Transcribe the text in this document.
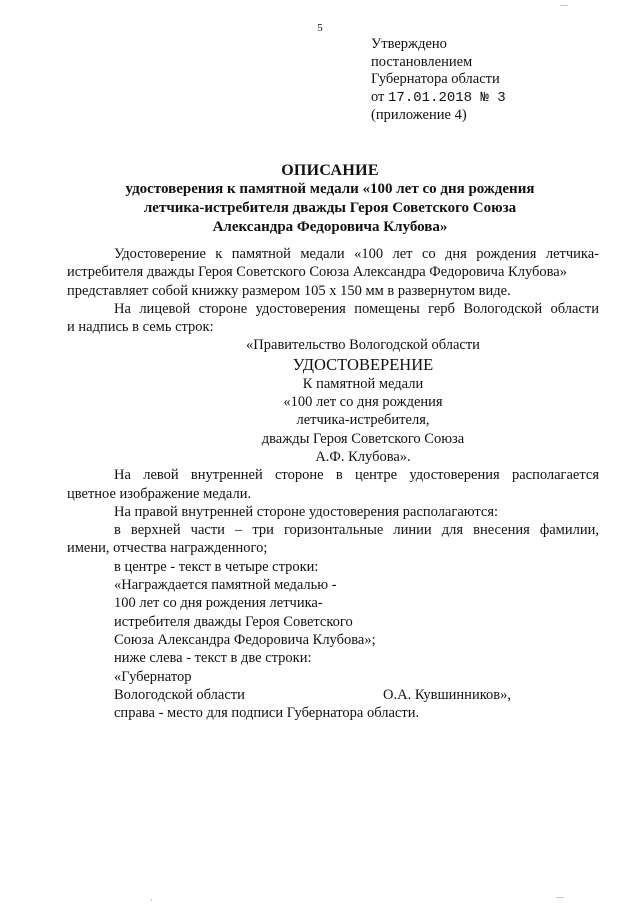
5
Утверждено
постановлением
Губернатора области
от 17.01.2018 № 3
(приложение 4)
ОПИСАНИЕ
удостоверения к памятной медали «100 лет со дня рождения
летчика-истребителя дважды Героя Советского Союза
Александра Федоровича Клубова»
Удостоверение к памятной медали «100 лет со дня рождения летчика-
истребителя дважды Героя Советского Союза Александра Федоровича Клубова»
представляет собой книжку размером 105 х 150 мм в развернутом виде.
На лицевой стороне удостоверения помещены герб Вологодской области
и надпись в семь строк:
«Правительство Вологодской области
УДОСТОВЕРЕНИЕ
К памятной медали
«100 лет со дня рождения
летчика-истребителя,
дважды Героя Советского Союза
А.Ф. Клубова».
На левой внутренней стороне в центре удостоверения располагается
цветное изображение медали.
На правой внутренней стороне удостоверения располагаются:
в верхней части – три горизонтальные линии для внесения фамилии,
имени, отчества награжденного;
в центре - текст в четыре строки:
«Награждается памятной медалью -
100 лет со дня рождения летчика-
истребителя дважды Героя Советского
Союза Александра Федоровича Клубова»;
ниже слева - текст в две строки:
«Губернатор
Вологодской области	О.А. Кувшинников»,
справа - место для подписи Губернатора области.
—
—
·
